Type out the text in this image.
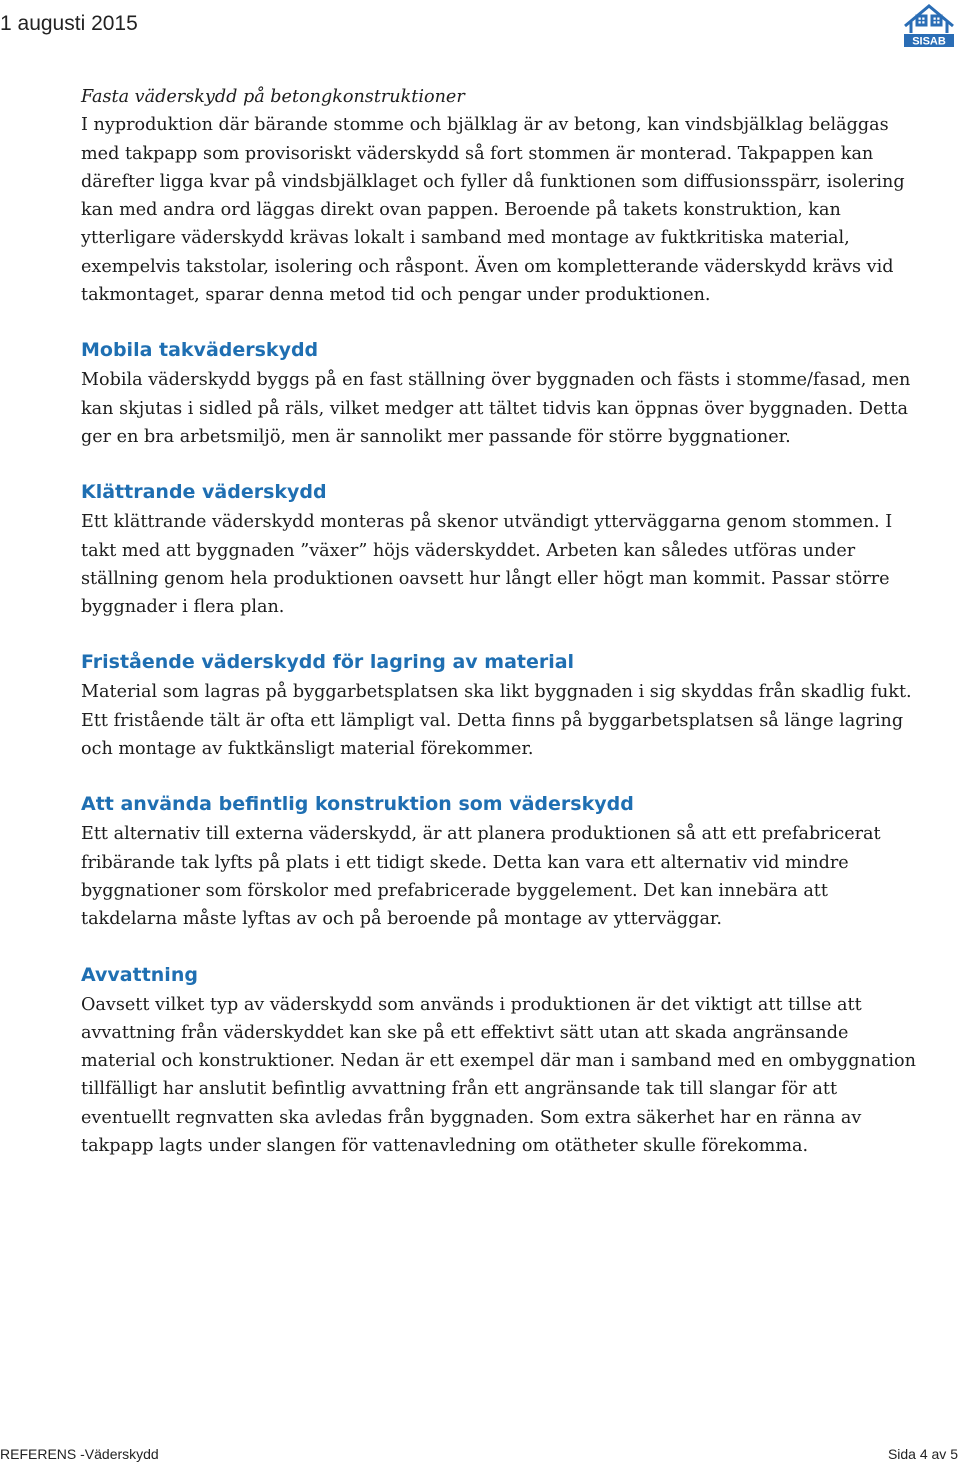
1 augusti 2015
SISAB

Fasta väderskydd på betongkonstruktioner
I nyproduktion där bärande stomme och bjälklag är av betong, kan vindsbjälklag beläggas med takpapp som provisoriskt väderskydd så fort stommen är monterad. Takpappen kan därefter ligga kvar på vindsbjälklaget och fyller då funktionen som diffusionsspärr, isolering kan med andra ord läggas direkt ovan pappen. Beroende på takets konstruktion, kan ytterligare väderskydd krävas lokalt i samband med montage av fuktkritiska material, exempelvis takstolar, isolering och råspont. Även om kompletterande väderskydd krävs vid takmontaget, sparar denna metod tid och pengar under produktionen.

Mobila takväderskydd

Mobila väderskydd byggs på en fast ställning över byggnaden och fästs i stomme/fasad, men kan skjutas i sidled på räls, vilket medger att tältet tidvis kan öppnas över byggnaden. Detta ger en bra arbetsmiljö, men är sannolikt mer passande för större byggnationer.

Klättrande väderskydd

Ett klättrande väderskydd monteras på skenor utvändigt ytterväggarna genom stommen. I takt med att byggnaden ”växer” höjs väderskyddet. Arbeten kan således utföras under ställning genom hela produktionen oavsett hur långt eller högt man kommit. Passar större byggnader i flera plan.

Fristående väderskydd för lagring av material

Material som lagras på byggarbetsplatsen ska likt byggnaden i sig skyddas från skadlig fukt. Ett fristående tält är ofta ett lämpligt val. Detta finns på byggarbetsplatsen så länge lagring och montage av fuktkänsligt material förekommer.

Att använda befintlig konstruktion som väderskydd

Ett alternativ till externa väderskydd, är att planera produktionen så att ett prefabricerat fribärande tak lyfts på plats i ett tidigt skede. Detta kan vara ett alternativ vid mindre byggnationer som förskolor med prefabricerade byggelement. Det kan innebära att takdelarna måste lyftas av och på beroende på montage av ytterväggar.

Avvattning

Oavsett vilket typ av väderskydd som används i produktionen är det viktigt att tillse att avvattning från väderskyddet kan ske på ett effektivt sätt utan att skada angränsande material och konstruktioner. Nedan är ett exempel där man i samband med en ombyggnation tillfälligt har anslutit befintlig avvattning från ett angränsande tak till slangar för att eventuellt regnvatten ska avledas från byggnaden. Som extra säkerhet har en ränna av takpapp lagts under slangen för vattenavledning om otätheter skulle förekomma.

REFERENS -Väderskydd	Sida 4 av 5
